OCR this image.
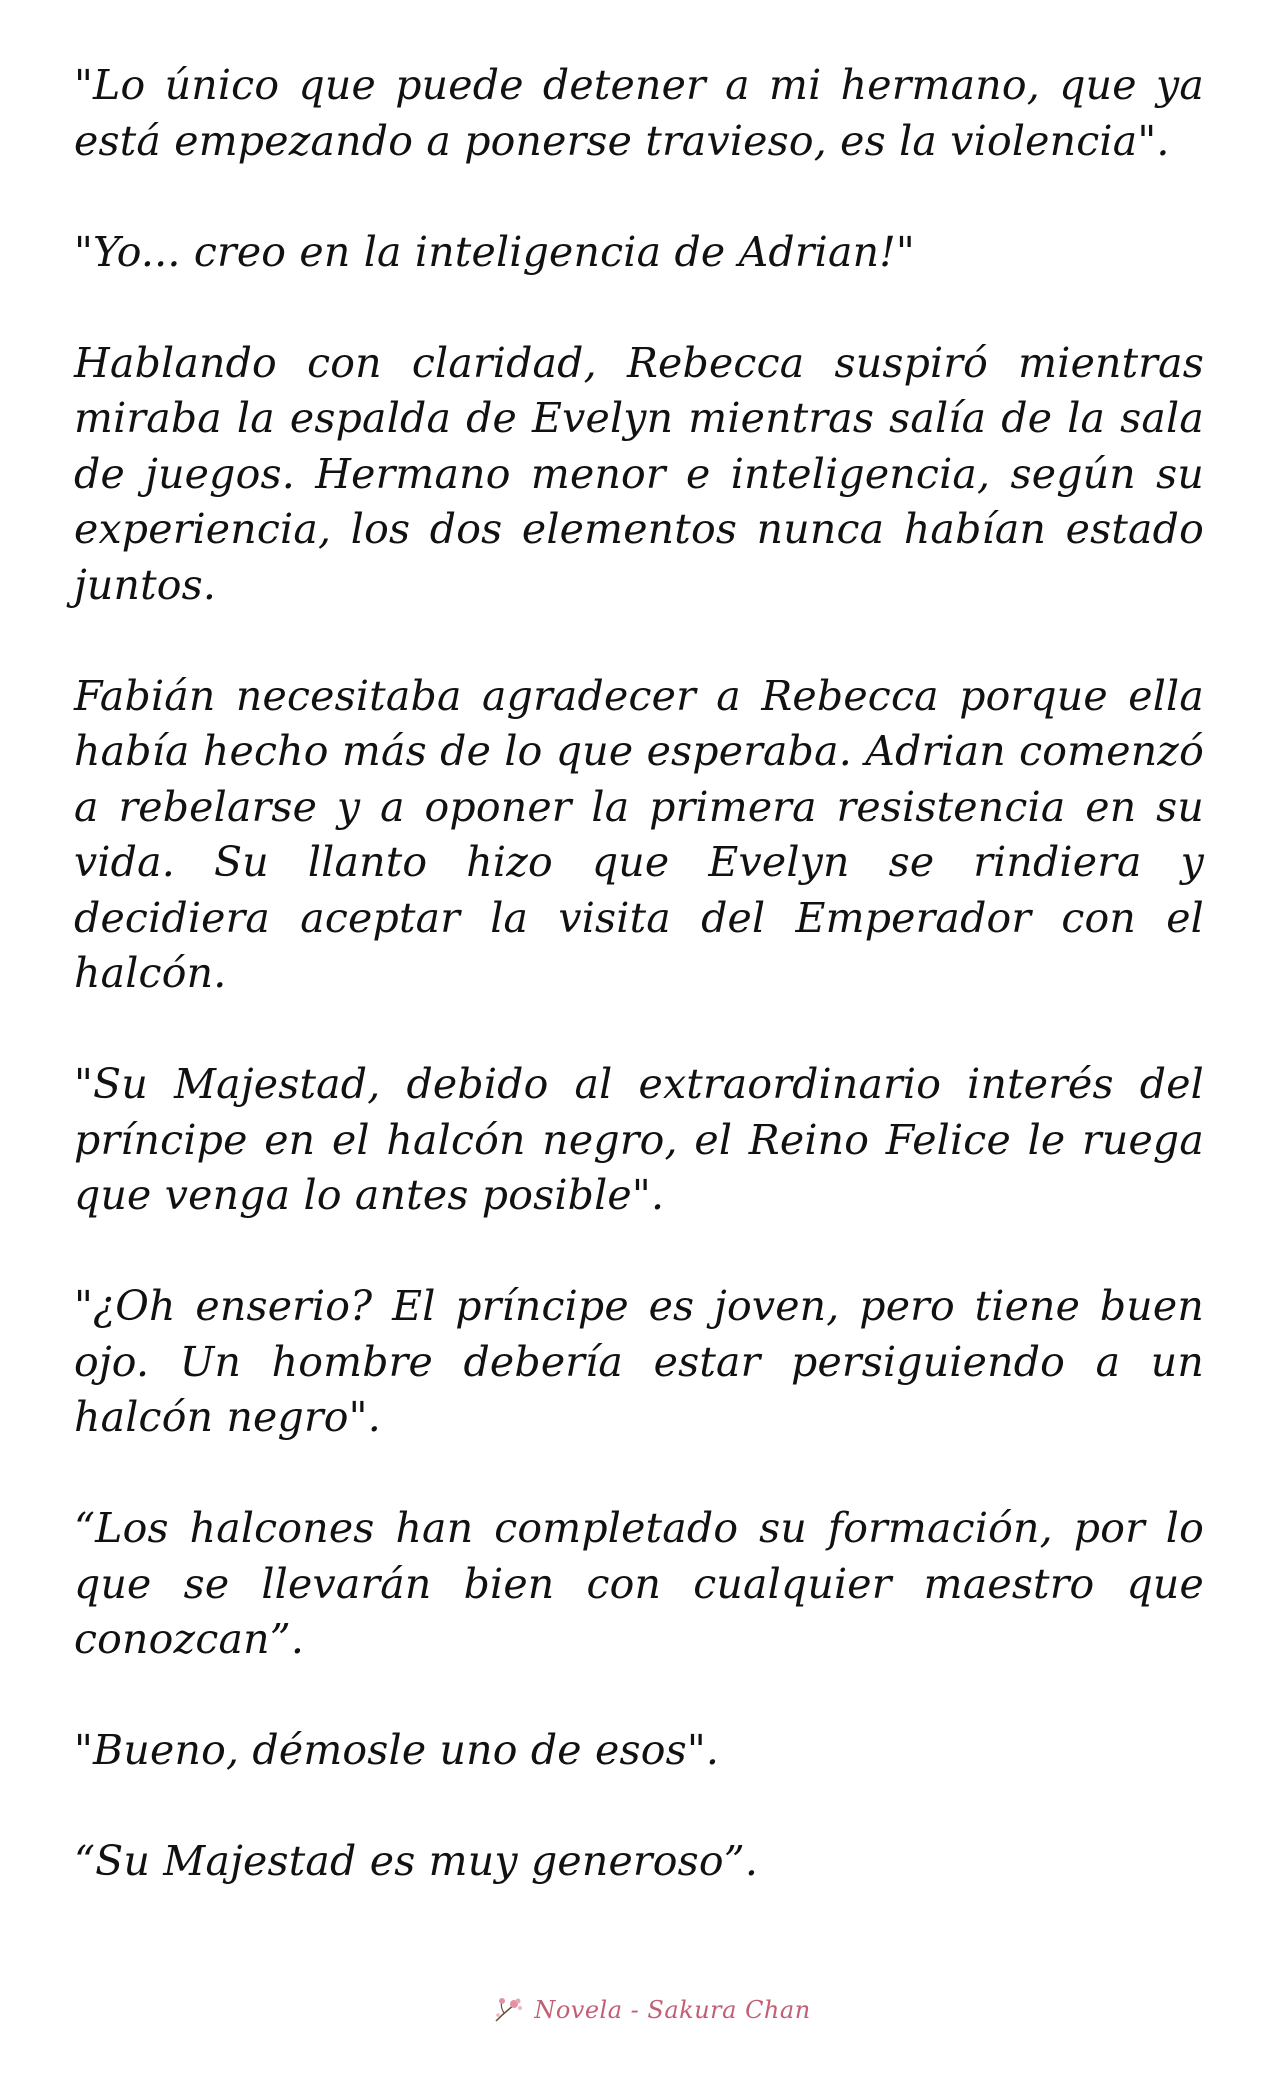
"Lo único que puede detener a mi hermano, que ya está empezando a ponerse travieso, es la violencia".

"Yo... creo en la inteligencia de Adrian!"

Hablando con claridad, Rebecca suspiró mientras miraba la espalda de Evelyn mientras salía de la sala de juegos. Hermano menor e inteligencia, según su experiencia, los dos elementos nunca habían estado juntos.

Fabián necesitaba agradecer a Rebecca porque ella había hecho más de lo que esperaba. Adrian comenzó a rebelarse y a oponer la primera resistencia en su vida. Su llanto hizo que Evelyn se rindiera y decidiera aceptar la visita del Emperador con el halcón.

"Su Majestad, debido al extraordinario interés del príncipe en el halcón negro, el Reino Felice le ruega que venga lo antes posible".

"¿Oh enserio? El príncipe es joven, pero tiene buen ojo. Un hombre debería estar persiguiendo a un halcón negro".

“Los halcones han completado su formación, por lo que se llevarán bien con cualquier maestro que conozcan”.

"Bueno, démosle uno de esos".

“Su Majestad es muy generoso”.

Novela - Sakura Chan
